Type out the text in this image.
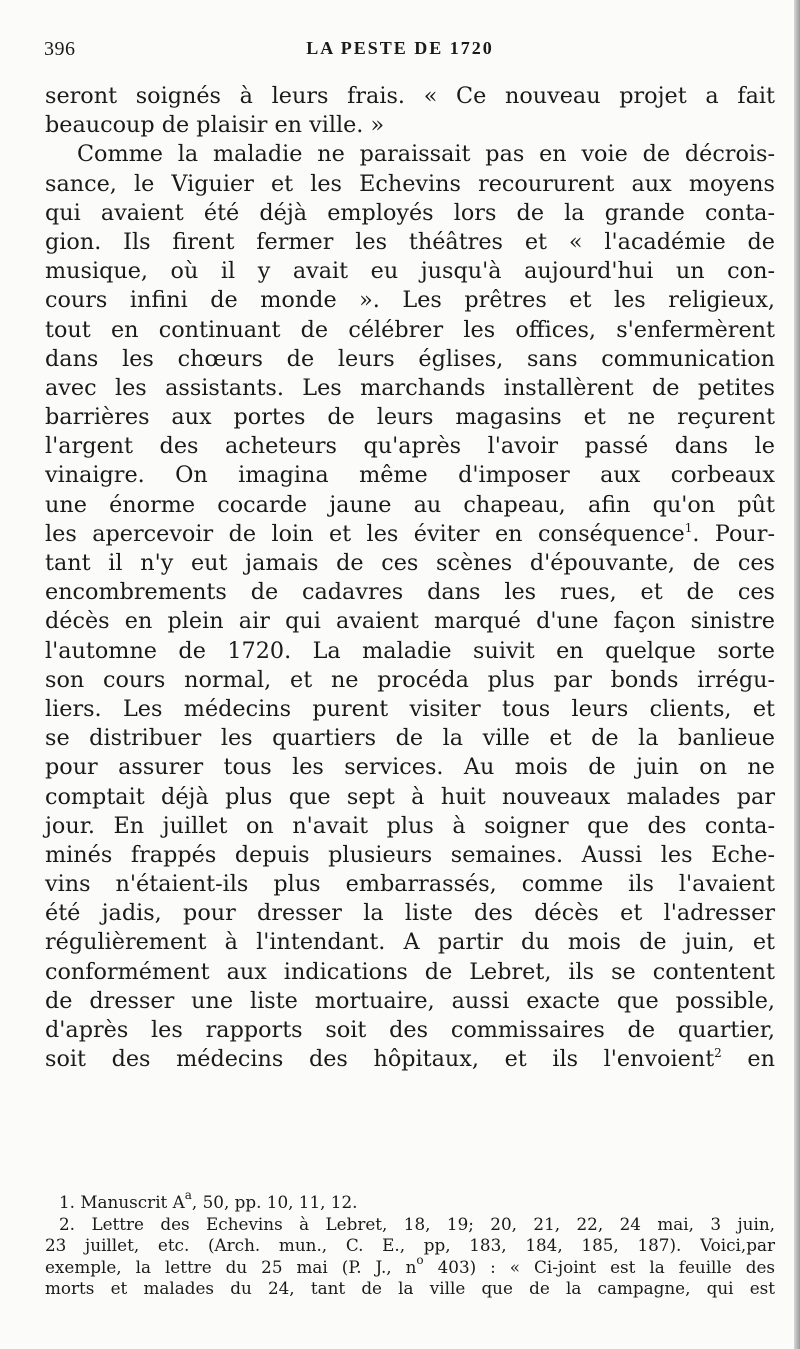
396	LA PESTE DE 1720
seront soignés à leurs frais. « Ce nouveau projet a fait
beaucoup de plaisir en ville. »
Comme la maladie ne paraissait pas en voie de décrois-
sance, le Viguier et les Echevins recoururent aux moyens
qui avaient été déjà employés lors de la grande conta-
gion. Ils firent fermer les théâtres et « l'académie de
musique, où il y avait eu jusqu'à aujourd'hui un con-
cours infini de monde ». Les prêtres et les religieux,
tout en continuant de célébrer les offices, s'enfermèrent
dans les chœurs de leurs églises, sans communication
avec les assistants. Les marchands installèrent de petites
barrières aux portes de leurs magasins et ne reçurent
l'argent des acheteurs qu'après l'avoir passé dans le
vinaigre. On imagina même d'imposer aux corbeaux
une énorme cocarde jaune au chapeau, afin qu'on pût
les apercevoir de loin et les éviter en conséquence$^1$. Pour-
tant il n'y eut jamais de ces scènes d'épouvante, de ces
encombrements de cadavres dans les rues, et de ces
décès en plein air qui avaient marqué d'une façon sinistre
l'automne de 1720. La maladie suivit en quelque sorte
son cours normal, et ne procéda plus par bonds irrégu-
liers. Les médecins purent visiter tous leurs clients, et
se distribuer les quartiers de la ville et de la banlieue
pour assurer tous les services. Au mois de juin on ne
comptait déjà plus que sept à huit nouveaux malades par
jour. En juillet on n'avait plus à soigner que des conta-
minés frappés depuis plusieurs semaines. Aussi les Eche-
vins n'étaient-ils plus embarrassés, comme ils l'avaient
été jadis, pour dresser la liste des décès et l'adresser
régulièrement à l'intendant. A partir du mois de juin, et
conformément aux indications de Lebret, ils se contentent
de dresser une liste mortuaire, aussi exacte que possible,
d'après les rapports soit des commissaires de quartier,
soit des médecins des hôpitaux, et ils l'envoient$^2$ en
1. Manuscrit $A^a$, 50, pp. 10, 11, 12.
2. Lettre des Echevins à Lebret, 18, 19; 20, 21, 22, 24 mai, 3 juin,
23 juillet, etc. (Arch. mun., C. E., pp, 183, 184, 185, 187). Voici,par
exemple, la lettre du 25 mai (P. J., $n^o$ 403) : « Ci-joint est la feuille des
morts et malades du 24, tant de la ville que de la campagne, qui est
